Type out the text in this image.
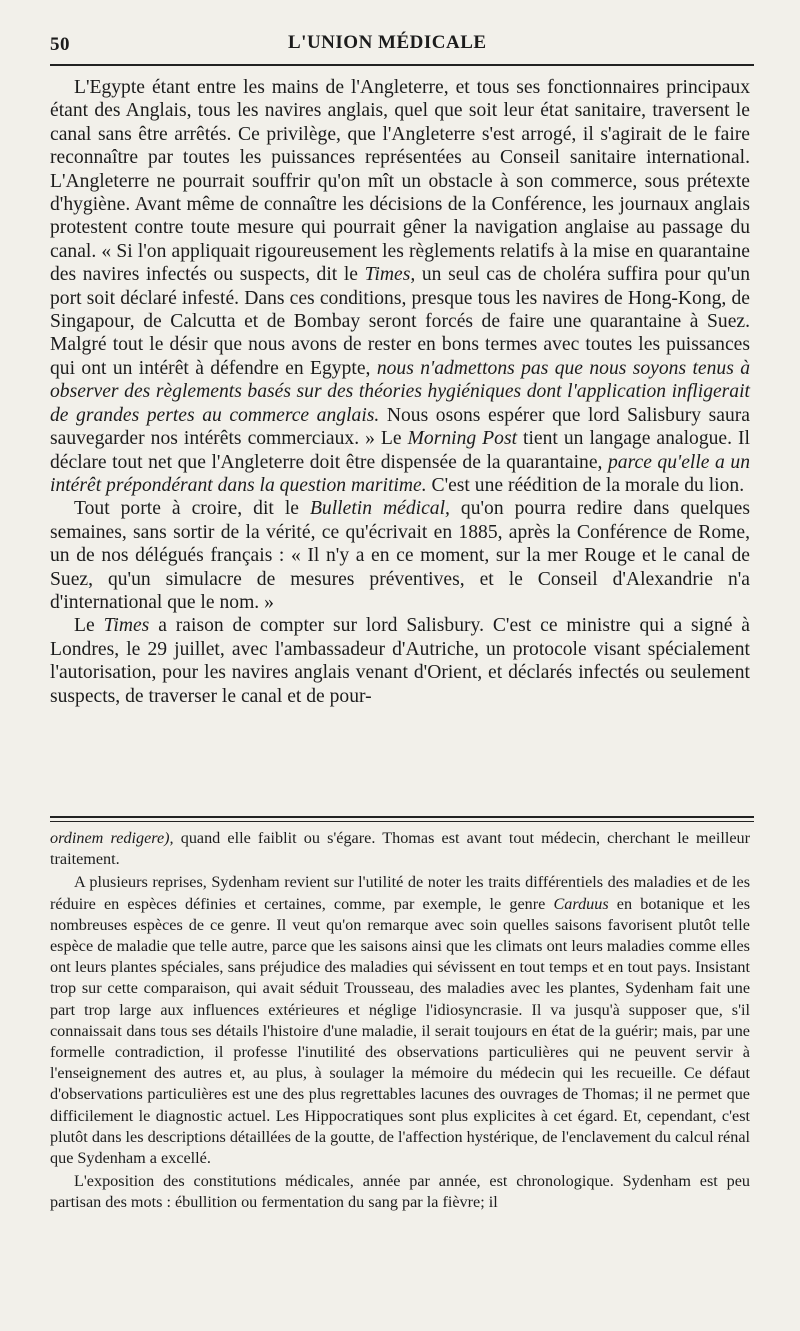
50	L'UNION MÉDICALE

L'Egypte étant entre les mains de l'Angleterre, et tous ses fonctionnaires principaux étant des Anglais, tous les navires anglais, quel que soit leur état sanitaire, traversent le canal sans être arrêtés. Ce privilège, que l'Angleterre s'est arrogé, il s'agirait de le faire reconnaître par toutes les puissances représentées au Conseil sanitaire international. L'Angleterre ne pourrait souffrir qu'on mît un obstacle à son commerce, sous prétexte d'hygiène. Avant même de connaître les décisions de la Conférence, les journaux anglais protestent contre toute mesure qui pourrait gêner la navigation anglaise au passage du canal. « Si l'on appliquait rigoureusement les règlements relatifs à la mise en quarantaine des navires infectés ou suspects, dit le Times, un seul cas de choléra suffira pour qu'un port soit déclaré infesté. Dans ces conditions, presque tous les navires de Hong-Kong, de Singapour, de Calcutta et de Bombay seront forcés de faire une quarantaine à Suez. Malgré tout le désir que nous avons de rester en bons termes avec toutes les puissances qui ont un intérêt à défendre en Egypte, nous n'admettons pas que nous soyons tenus à observer des règlements basés sur des théories hygiéniques dont l'application infligerait de grandes pertes au commerce anglais. Nous osons espérer que lord Salisbury saura sauvegarder nos intérêts commerciaux. » Le Morning Post tient un langage analogue. Il déclare tout net que l'Angleterre doit être dispensée de la quarantaine, parce qu'elle a un intérêt prépondérant dans la question maritime. C'est une réédition de la morale du lion.

Tout porte à croire, dit le Bulletin médical, qu'on pourra redire dans quelques semaines, sans sortir de la vérité, ce qu'écrivait en 1885, après la Conférence de Rome, un de nos délégués français : « Il n'y a en ce moment, sur la mer Rouge et le canal de Suez, qu'un simulacre de mesures préventives, et le Conseil d'Alexandrie n'a d'international que le nom. »

Le Times a raison de compter sur lord Salisbury. C'est ce ministre qui a signé à Londres, le 29 juillet, avec l'ambassadeur d'Autriche, un protocole visant spécialement l'autorisation, pour les navires anglais venant d'Orient, et déclarés infectés ou seulement suspects, de traverser le canal et de pour-

ordinem redigere), quand elle faiblit ou s'égare. Thomas est avant tout médecin, cherchant le meilleur traitement.

A plusieurs reprises, Sydenham revient sur l'utilité de noter les traits différentiels des maladies et de les réduire en espèces définies et certaines, comme, par exemple, le genre Carduus en botanique et les nombreuses espèces de ce genre. Il veut qu'on remarque avec soin quelles saisons favorisent plutôt telle espèce de maladie que telle autre, parce que les saisons ainsi que les climats ont leurs maladies comme elles ont leurs plantes spéciales, sans préjudice des maladies qui sévissent en tout temps et en tout pays. Insistant trop sur cette comparaison, qui avait séduit Trousseau, des maladies avec les plantes, Sydenham fait une part trop large aux influences extérieures et néglige l'idiosyncrasie. Il va jusqu'à supposer que, s'il connaissait dans tous ses détails l'histoire d'une maladie, il serait toujours en état de la guérir; mais, par une formelle contradiction, il professe l'inutilité des observations particulières qui ne peuvent servir à l'enseignement des autres et, au plus, à soulager la mémoire du médecin qui les recueille. Ce défaut d'observations particulières est une des plus regrettables lacunes des ouvrages de Thomas; il ne permet que difficilement le diagnostic actuel. Les Hippocratiques sont plus explicites à cet égard. Et, cependant, c'est plutôt dans les descriptions détaillées de la goutte, de l'affection hystérique, de l'enclavement du calcul rénal que Sydenham a excellé.

L'exposition des constitutions médicales, année par année, est chronologique. Sydenham est peu partisan des mots : ébullition ou fermentation du sang par la fièvre; il
